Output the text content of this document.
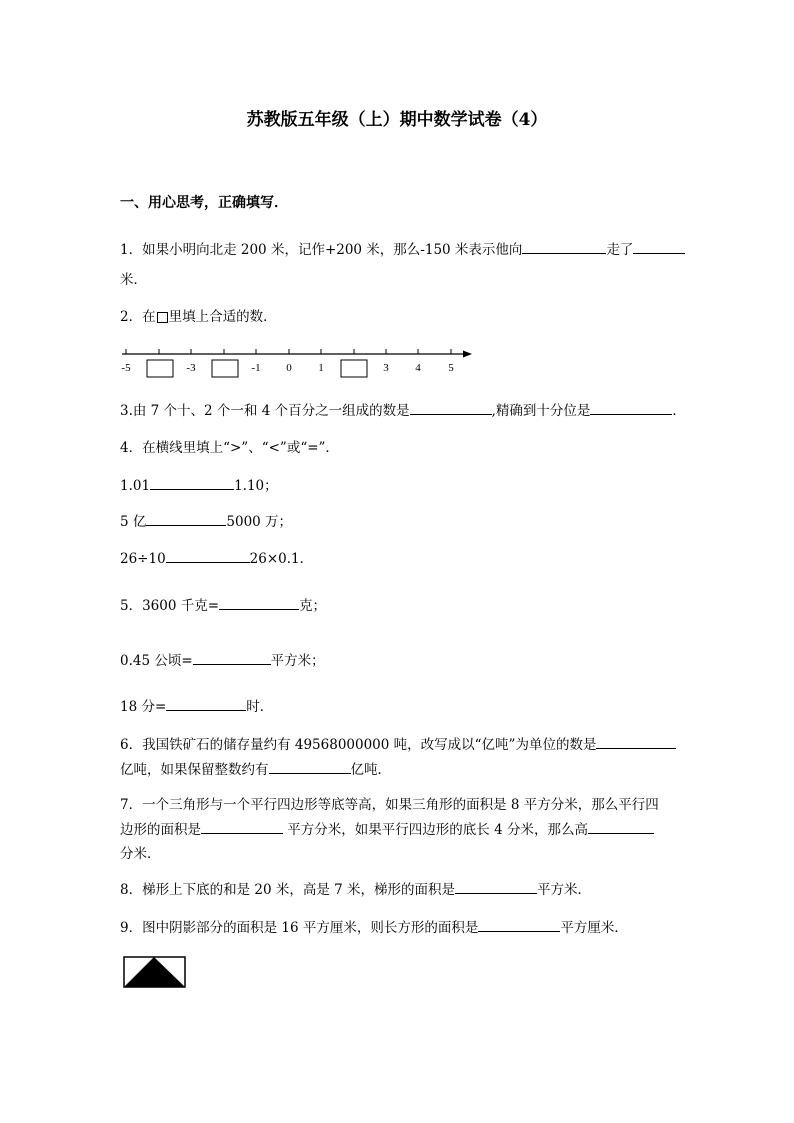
苏教版五年级（上）期中数学试卷（4）
一、用心思考，正确填写．
1．如果小明向北走 200 米，记作+200 米，那么-150 米表示他向	走了
米．
2．在 里填上合适的数．
-5	-3	-1 0 1	3 4	5
3.由 7 个十、2 个一和 4 个百分之一组成的数是	,精确到十分位是	．
4．在横线里填上“>”、“<”或“=”．
1.01	1.10；
5 亿	5000 万；
26÷10	26×0.1．
5．3600 千克=	克；
0.45 公顷=	平方米；
18 分=	时．
6．我国铁矿石的储存量约有 49568000000 吨，改写成以“亿吨”为单位的数是
亿吨，如果保留整数约有	亿吨．
7．一个三角形与一个平行四边形等底等高，如果三角形的面积是 8 平方分米，那么平行四
边形的面积是	平方分米，如果平行四边形的底长 4 分米，那么高
分米．
8．梯形上下底的和是 20 米，高是 7 米，梯形的面积是	平方米．
9．图中阴影部分的面积是 16 平方厘米，则长方形的面积是	平方厘米．
